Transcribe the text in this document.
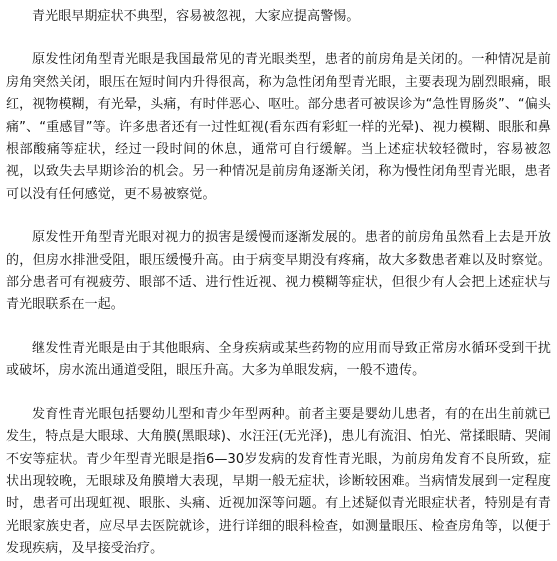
青光眼早期症状不典型，容易被忽视，大家应提高警惕。

原发性闭角型青光眼是我国最常见的青光眼类型，患者的前房角是关闭的。一种情况是前房角突然关闭，眼压在短时间内升得很高，称为急性闭角型青光眼，主要表现为剧烈眼痛，眼红，视物模糊，有光晕，头痛，有时伴恶心、呕吐。部分患者可被误诊为“急性胃肠炎”、“偏头痛”、“重感冒”等。许多患者还有一过性虹视(看东西有彩虹一样的光晕)、视力模糊、眼胀和鼻根部酸痛等症状，经过一段时间的休息，通常可自行缓解。当上述症状较轻微时，容易被忽视，以致失去早期诊治的机会。另一种情况是前房角逐渐关闭，称为慢性闭角型青光眼，患者可以没有任何感觉，更不易被察觉。

原发性开角型青光眼对视力的损害是缓慢而逐渐发展的。患者的前房角虽然看上去是开放的，但房水排泄受阻，眼压缓慢升高。由于病变早期没有疼痛，故大多数患者难以及时察觉。部分患者可有视疲劳、眼部不适、进行性近视、视力模糊等症状，但很少有人会把上述症状与青光眼联系在一起。

继发性青光眼是由于其他眼病、全身疾病或某些药物的应用而导致正常房水循环受到干扰或破坏，房水流出通道受阻，眼压升高。大多为单眼发病，一般不遗传。

发育性青光眼包括婴幼儿型和青少年型两种。前者主要是婴幼儿患者，有的在出生前就已发生，特点是大眼球、大角膜(黑眼球)、水汪汪(无光泽)，患儿有流泪、怕光、常揉眼睛、哭闹不安等症状。青少年型青光眼是指6—30岁发病的发育性青光眼，为前房角发育不良所致，症状出现较晚，无眼球及角膜增大表现，早期一般无症状，诊断较困难。当病情发展到一定程度时，患者可出现虹视、眼胀、头痛、近视加深等问题。有上述疑似青光眼症状者，特别是有青光眼家族史者，应尽早去医院就诊，进行详细的眼科检查，如测量眼压、检查房角等，以便于发现疾病，及早接受治疗。
